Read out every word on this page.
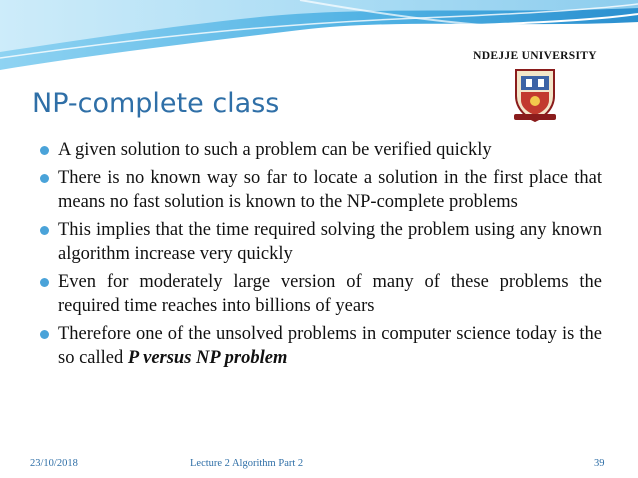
NDEJJE UNIVERSITY
NP-complete class
A given solution to such a problem can be verified quickly
There is no known way so far to locate a solution in the first place that means no fast solution is known to the NP-complete problems
This implies that the time required solving the problem using any known algorithm increase very quickly
Even for moderately large version of many of these problems the required time reaches into billions of years
Therefore one of the unsolved problems in computer science today is the so called P versus NP problem
23/10/2018	Lecture 2 Algorithm Part 2	39
